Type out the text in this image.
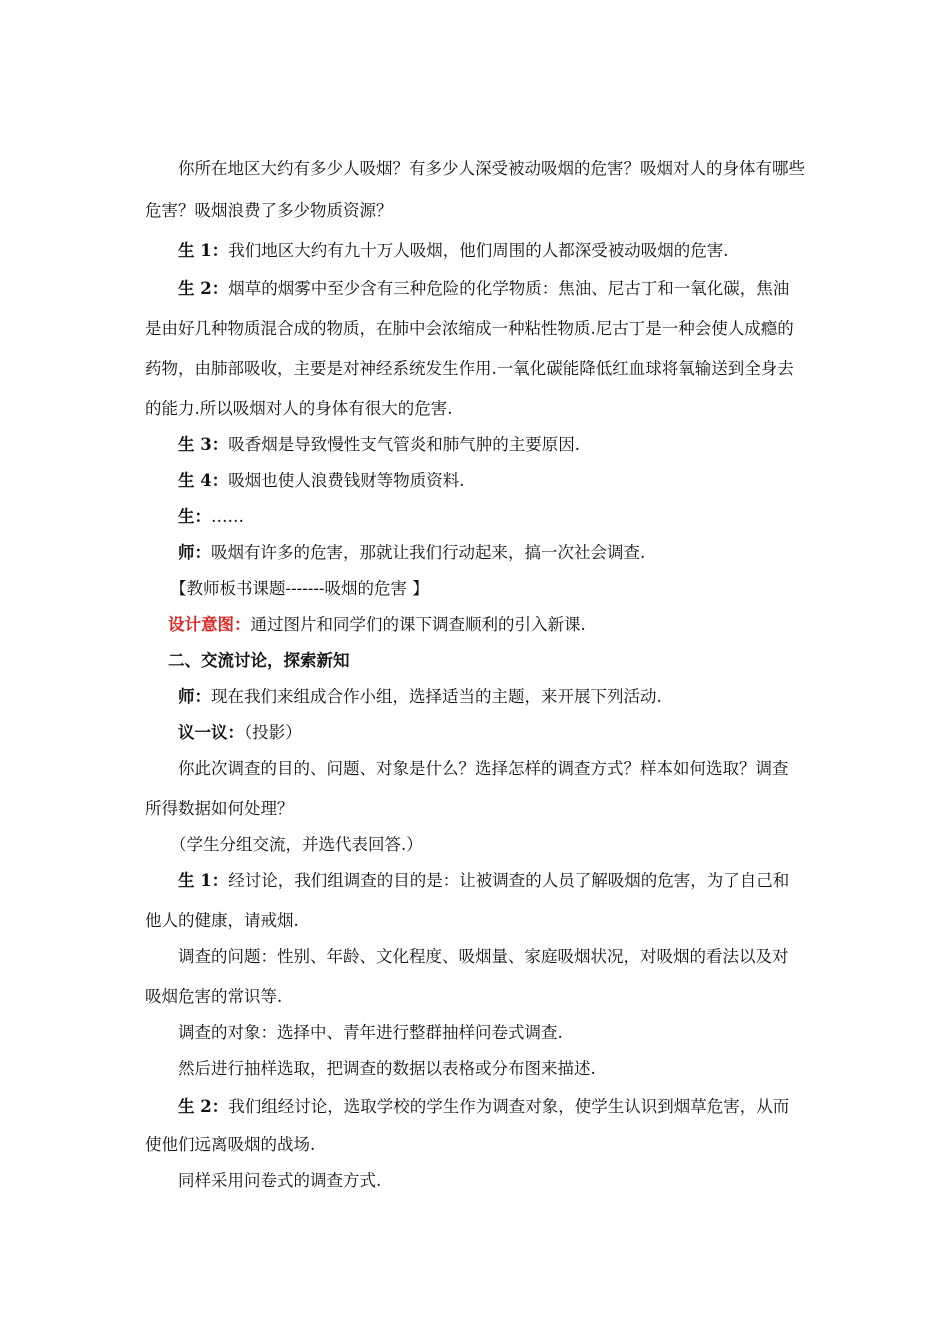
你所在地区大约有多少人吸烟？有多少人深受被动吸烟的危害？吸烟对人的身体有哪些
危害？吸烟浪费了多少物质资源？
生 1：我们地区大约有九十万人吸烟，他们周围的人都深受被动吸烟的危害.
生 2：烟草的烟雾中至少含有三种危险的化学物质：焦油、尼古丁和一氧化碳，焦油
是由好几种物质混合成的物质，在肺中会浓缩成一种粘性物质.尼古丁是一种会使人成瘾的
药物，由肺部吸收，主要是对神经系统发生作用.一氧化碳能降低红血球将氧输送到全身去
的能力.所以吸烟对人的身体有很大的危害.
生 3：吸香烟是导致慢性支气管炎和肺气肿的主要原因.
生 4：吸烟也使人浪费钱财等物质资料.
生：……
师：吸烟有许多的危害，那就让我们行动起来，搞一次社会调查.
【教师板书课题-------吸烟的危害 】
设计意图：通过图片和同学们的课下调查顺利的引入新课.
二、交流讨论，探索新知
师：现在我们来组成合作小组，选择适当的主题，来开展下列活动.
议一议：（投影）
你此次调查的目的、问题、对象是什么？选择怎样的调查方式？样本如何选取？调查
所得数据如何处理？
（学生分组交流，并选代表回答.）
生 1：经讨论，我们组调查的目的是：让被调查的人员了解吸烟的危害，为了自己和
他人的健康，请戒烟.
调查的问题：性别、年龄、文化程度、吸烟量、家庭吸烟状况，对吸烟的看法以及对
吸烟危害的常识等.
调查的对象：选择中、青年进行整群抽样问卷式调查.
然后进行抽样选取，把调查的数据以表格或分布图来描述.
生 2：我们组经讨论，选取学校的学生作为调查对象，使学生认识到烟草危害，从而
使他们远离吸烟的战场.
同样采用问卷式的调查方式.
